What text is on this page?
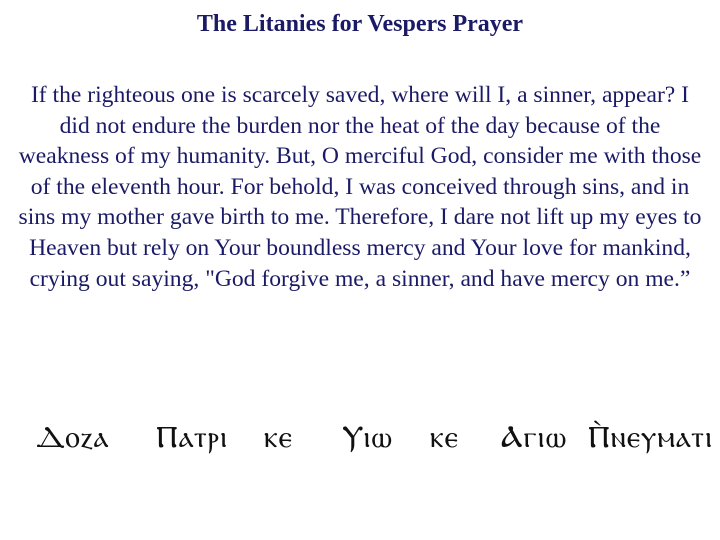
The Litanies for Vespers Prayer

If the righteous one is scarcely saved, where will I, a sinner, appear? I did not endure the burden nor the heat of the day because of the weakness of my humanity. But, O merciful God, consider me with those of the eleventh hour. For behold, I was conceived through sins, and in sins my mother gave birth to me. Therefore, I dare not lift up my eyes to Heaven but rely on Your boundless mercy and Your love for mankind, crying out saying, "God forgive me, a sinner, and have mercy on me.”

Ⲇⲟⲍⲁ Ⲡⲁⲧⲣⲓ ⲕⲉ Ⲩⲓⲱ ⲕⲉ Ⲁⲅⲓⲱ Ⲡ̀ⲛⲉⲩⲙⲁⲧⲓ
